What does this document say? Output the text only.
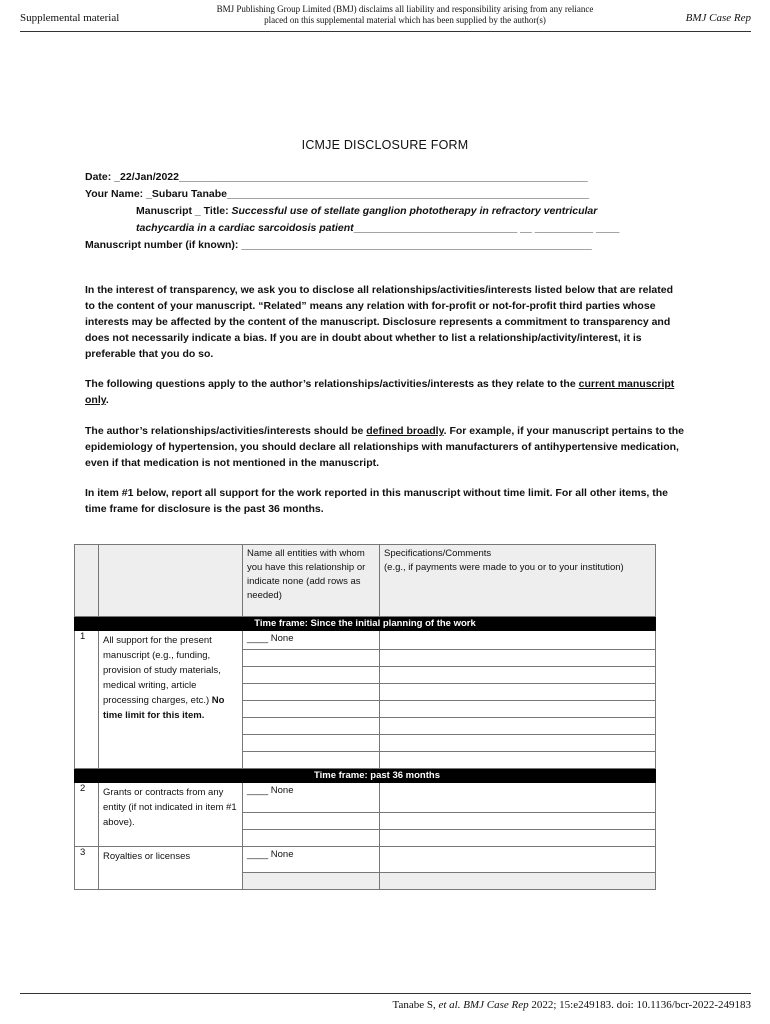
Supplemental material
BMJ Publishing Group Limited (BMJ) disclaims all liability and responsibility arising from any reliance
placed on this supplemental material which has been supplied by the author(s)	BMJ Case Rep
ICMJE DISCLOSURE FORM
Date: _22/Jan/2022______________________________________________________________________
Your Name: _Subaru Tanabe______________________________________________________________
Manuscript _ Title: Successful use of stellate ganglion phototherapy in refractory ventricular
tachycardia in a cardiac sarcoidosis patient____________________________ __ __________ ____
Manuscript number (if known): ____________________________________________________________
In the interest of transparency, we ask you to disclose all relationships/activities/interests listed below that are related to the content of your manuscript. “Related” means any relation with for-profit or not-for-profit third parties whose interests may be affected by the content of the manuscript. Disclosure represents a commitment to transparency and does not necessarily indicate a bias. If you are in doubt about whether to list a relationship/activity/interest, it is preferable that you do so.
The following questions apply to the author’s relationships/activities/interests as they relate to the current manuscript only.
The author’s relationships/activities/interests should be defined broadly. For example, if your manuscript pertains to the epidemiology of hypertension, you should declare all relationships with manufacturers of antihypertensive medication, even if that medication is not mentioned in the manuscript.
In item #1 below, report all support for the work reported in this manuscript without time limit. For all other items, the time frame for disclosure is the past 36 months.
		Name all entities with whom you have this relationship or indicate none (add rows as needed)	Specifications/Comments
(e.g., if payments were made to you or to your institution)

Time frame: Since the initial planning of the work			
1	All support for the present manuscript (e.g., funding, provision of study materials, medical writing, article processing charges, etc.) No time limit for this item.	____ None	

	Time frame: past 36 months		
2	Grants or contracts from any entity (if not indicated in item #1 above).	____ None	

3	Royalties or licenses	____ None	

Tanabe S, et al. BMJ Case Rep 2022; 15:e249183. doi: 10.1136/bcr-2022-249183
